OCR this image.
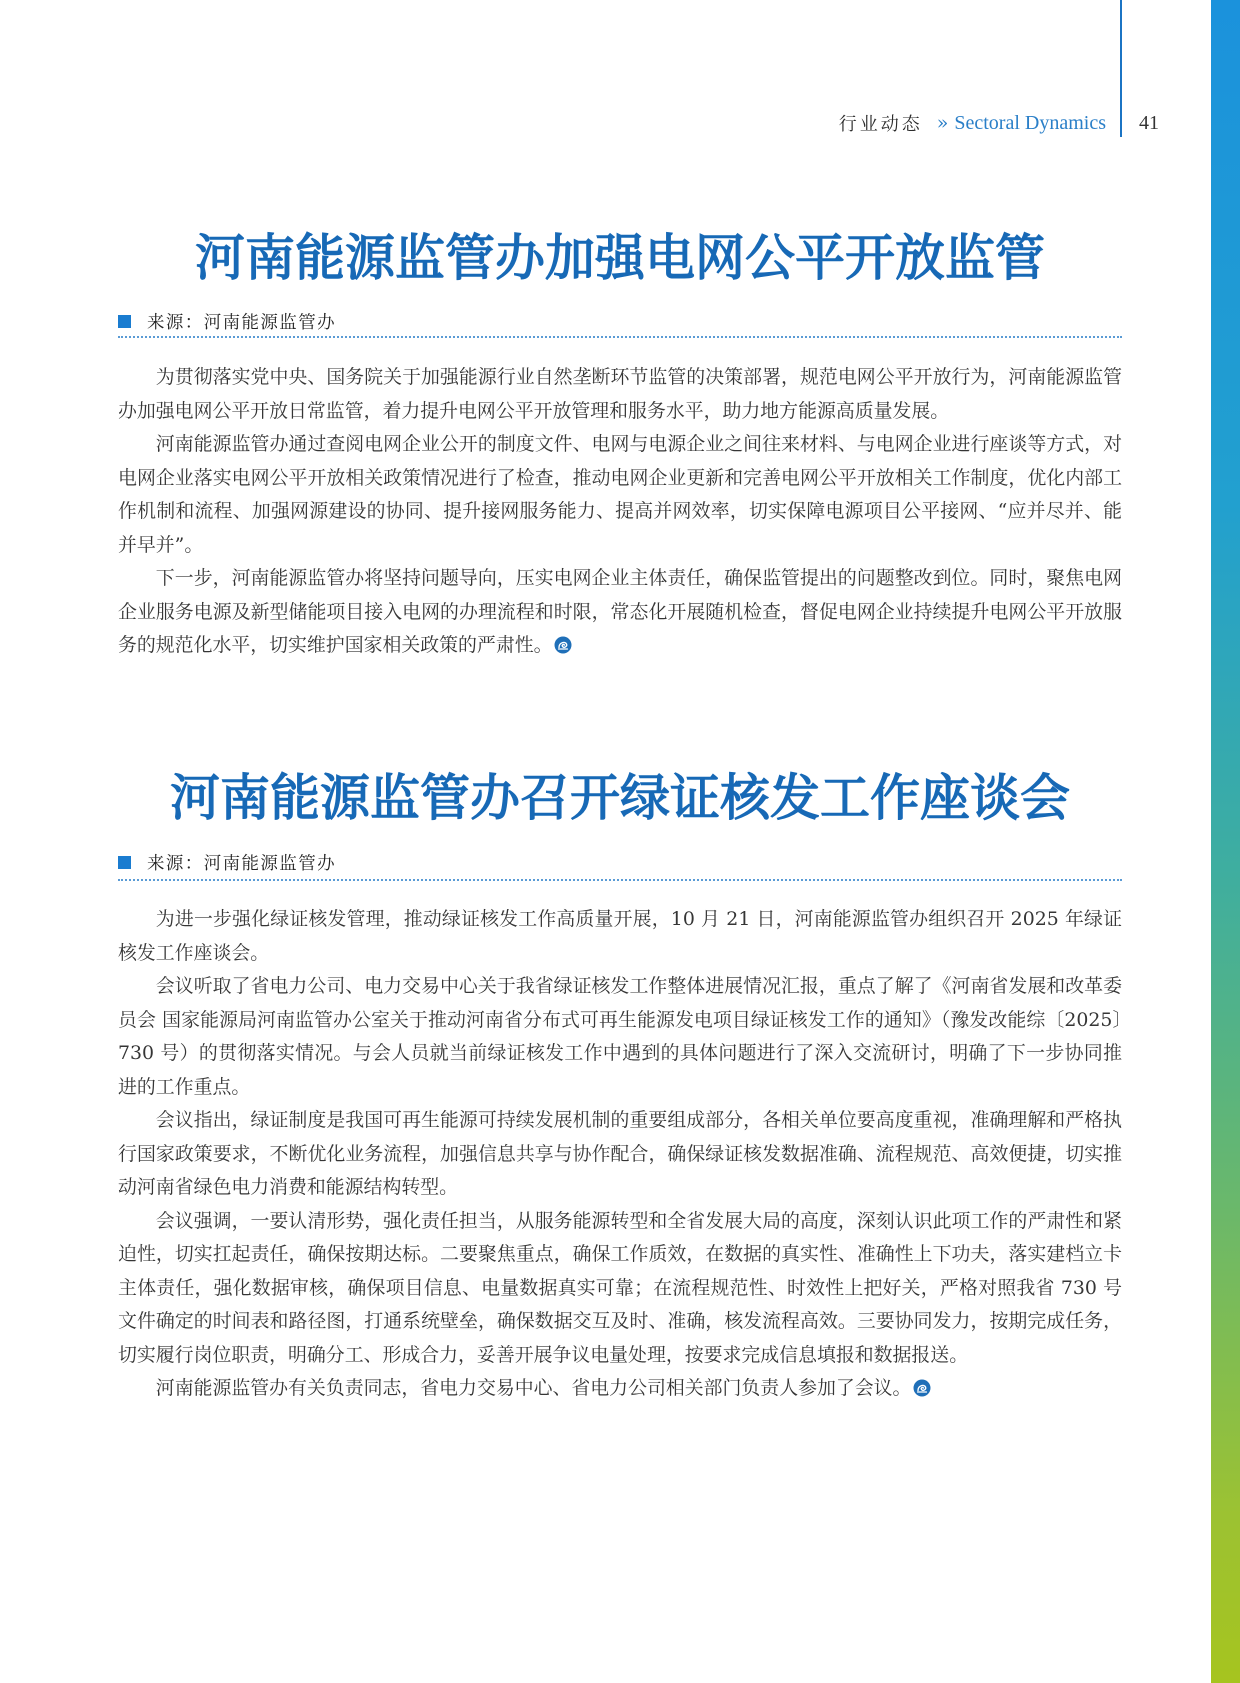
行业动态 » Sectoral Dynamics 41
河南能源监管办加强电网公平开放监管
来源：河南能源监管办

为贯彻落实党中央、国务院关于加强能源行业自然垄断环节监管的决策部署，规范电网公平开放行为，河南能源监管办加强电网公平开放日常监管，着力提升电网公平开放管理和服务水平，助力地方能源高质量发展。

河南能源监管办通过查阅电网企业公开的制度文件、电网与电源企业之间往来材料、与电网企业进行座谈等方式，对电网企业落实电网公平开放相关政策情况进行了检查，推动电网企业更新和完善电网公平开放相关工作制度，优化内部工作机制和流程、加强网源建设的协同、提升接网服务能力、提高并网效率，切实保障电源项目公平接网、“应并尽并、能并早并”。

下一步，河南能源监管办将坚持问题导向，压实电网企业主体责任，确保监管提出的问题整改到位。同时，聚焦电网企业服务电源及新型储能项目接入电网的办理流程和时限，常态化开展随机检查，督促电网企业持续提升电网公平开放服务的规范化水平，切实维护国家相关政策的严肃性。

河南能源监管办召开绿证核发工作座谈会
来源：河南能源监管办

为进一步强化绿证核发管理，推动绿证核发工作高质量开展，10 月 21 日，河南能源监管办组织召开 2025 年绿证核发工作座谈会。

会议听取了省电力公司、电力交易中心关于我省绿证核发工作整体进展情况汇报，重点了解了《河南省发展和改革委员会 国家能源局河南监管办公室关于推动河南省分布式可再生能源发电项目绿证核发工作的通知》（豫发改能综〔2025〕730 号）的贯彻落实情况。与会人员就当前绿证核发工作中遇到的具体问题进行了深入交流研讨，明确了下一步协同推进的工作重点。

会议指出，绿证制度是我国可再生能源可持续发展机制的重要组成部分，各相关单位要高度重视，准确理解和严格执行国家政策要求，不断优化业务流程，加强信息共享与协作配合，确保绿证核发数据准确、流程规范、高效便捷，切实推动河南省绿色电力消费和能源结构转型。

会议强调，一要认清形势，强化责任担当，从服务能源转型和全省发展大局的高度，深刻认识此项工作的严肃性和紧迫性，切实扛起责任，确保按期达标。二要聚焦重点，确保工作质效，在数据的真实性、准确性上下功夫，落实建档立卡主体责任，强化数据审核，确保项目信息、电量数据真实可靠；在流程规范性、时效性上把好关，严格对照我省 730 号文件确定的时间表和路径图，打通系统壁垒，确保数据交互及时、准确，核发流程高效。三要协同发力，按期完成任务，切实履行岗位职责，明确分工、形成合力，妥善开展争议电量处理，按要求完成信息填报和数据报送。

河南能源监管办有关负责同志，省电力交易中心、省电力公司相关部门负责人参加了会议。
